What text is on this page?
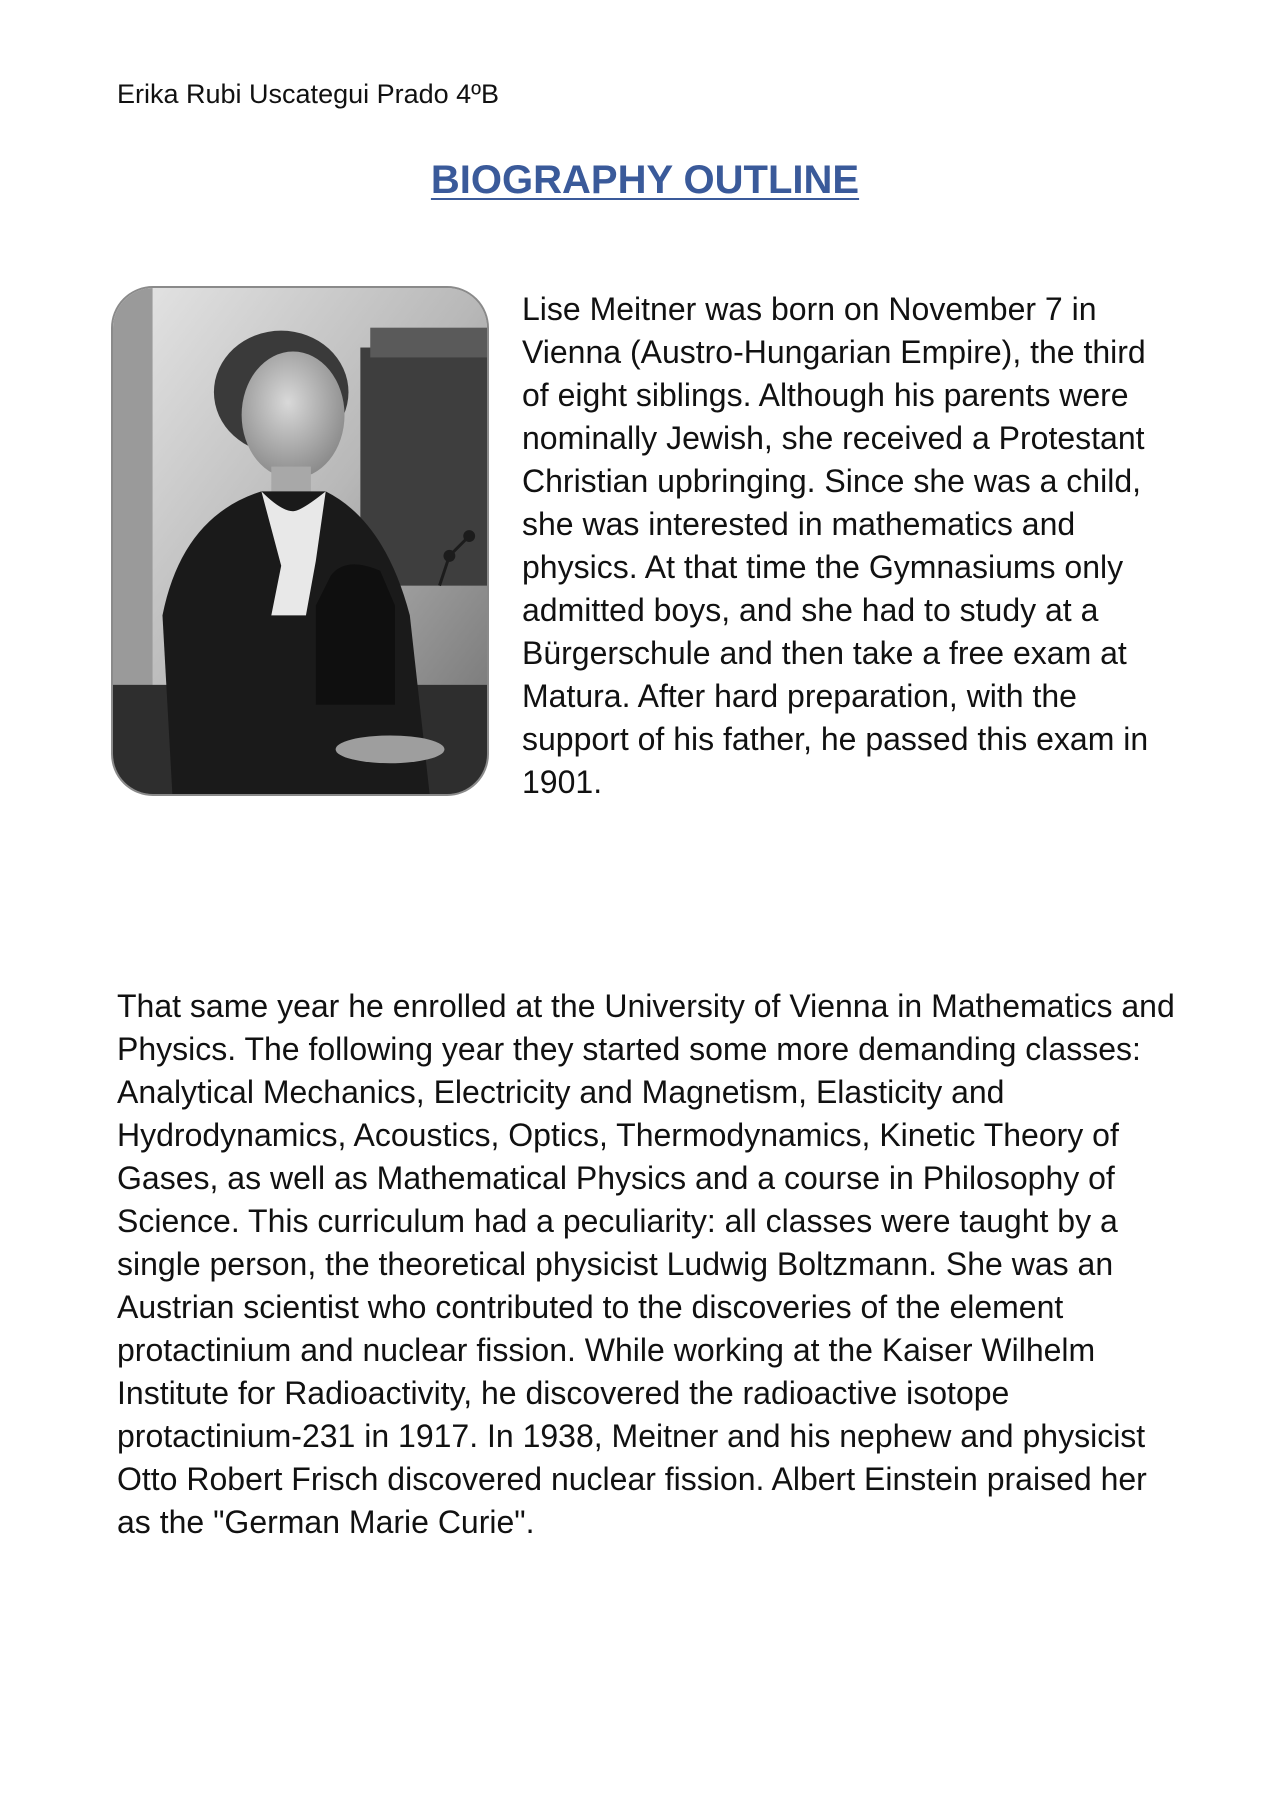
Erika Rubi Uscategui Prado 4ºB

BIOGRAPHY OUTLINE

Lise Meitner was born on November 7 in Vienna (Austro-Hungarian Empire), the third of eight siblings. Although his parents were nominally Jewish, she received a Protestant Christian upbringing. Since she was a child, she was interested in mathematics and physics. At that time the Gymnasiums only admitted boys, and she had to study at a Bürgerschule and then take a free exam at Matura. After hard preparation, with the support of his father, he passed this exam in 1901.

That same year he enrolled at the University of Vienna in Mathematics and Physics. The following year they started some more demanding classes: Analytical Mechanics, Electricity and Magnetism, Elasticity and Hydrodynamics, Acoustics, Optics, Thermodynamics, Kinetic Theory of Gases, as well as Mathematical Physics and a course in Philosophy of Science. This curriculum had a peculiarity: all classes were taught by a single person, the theoretical physicist Ludwig Boltzmann. She was an Austrian scientist who contributed to the discoveries of the element protactinium and nuclear fission. While working at the Kaiser Wilhelm Institute for Radioactivity, he discovered the radioactive isotope protactinium-231 in 1917. In 1938, Meitner and his nephew and physicist Otto Robert Frisch discovered nuclear fission. Albert Einstein praised her as the "German Marie Curie".
